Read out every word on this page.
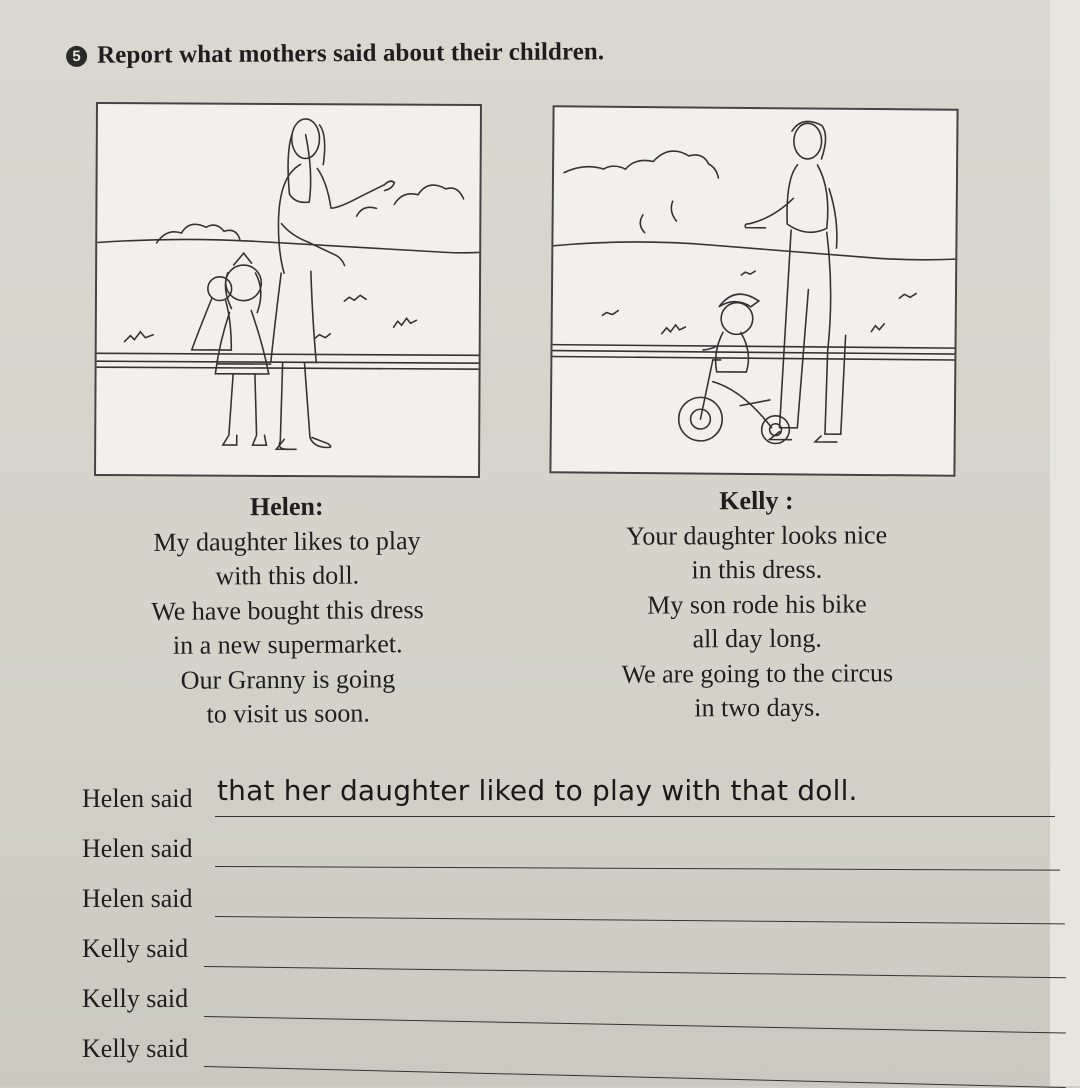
5 Report what mothers said about their children.
Helen:
My daughter likes to play
with this doll.
We have bought this dress
in a new supermarket.
Our Granny is going
to visit us soon.
Kelly :
Your daughter looks nice
in this dress.
My son rode his bike
all day long.
We are going to the circus
in two days.
Helen said that her daughter liked to play with that doll.
Helen said
Helen said
Kelly said
Kelly said
Kelly said
